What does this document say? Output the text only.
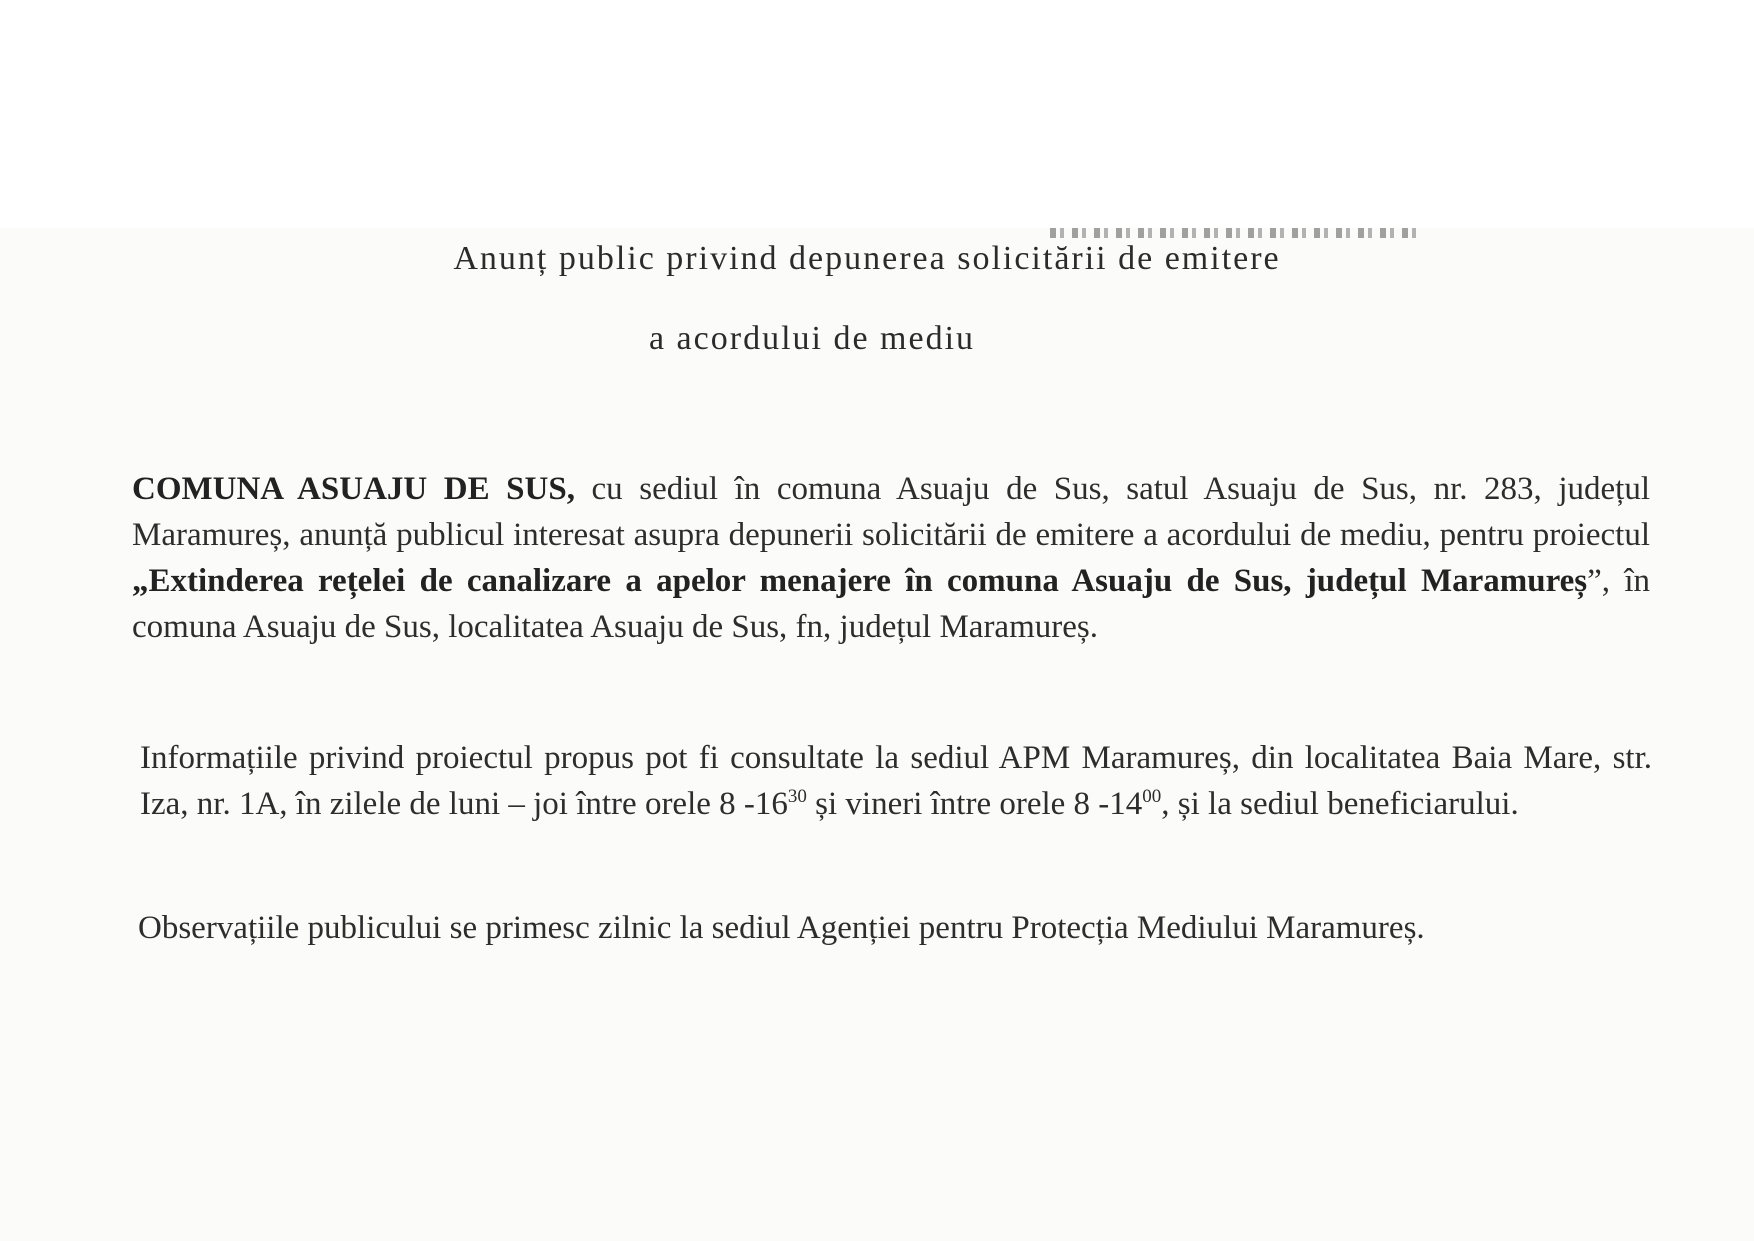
Anunț public privind depunerea solicitării de emitere
a acordului de mediu
COMUNA ASUAJU DE SUS, cu sediul în comuna Asuaju de Sus, satul Asuaju de Sus, nr. 283, județul Maramureș, anunță publicul interesat asupra depunerii solicitării de emitere a acordului de mediu, pentru proiectul „Extinderea rețelei de canalizare a apelor menajere în comuna Asuaju de Sus, județul Maramureș”, în comuna Asuaju de Sus, localitatea Asuaju de Sus, fn, județul Maramureș.
Informațiile privind proiectul propus pot fi consultate la sediul APM Maramureș, din localitatea Baia Mare, str. Iza, nr. 1A, în zilele de luni – joi între orele 8 $-16^{30}$ și vineri între orele 8 $-14^{00}$, și la sediul beneficiarului.
Observațiile publicului se primesc zilnic la sediul Agenției pentru Protecția Mediului Maramureș.
